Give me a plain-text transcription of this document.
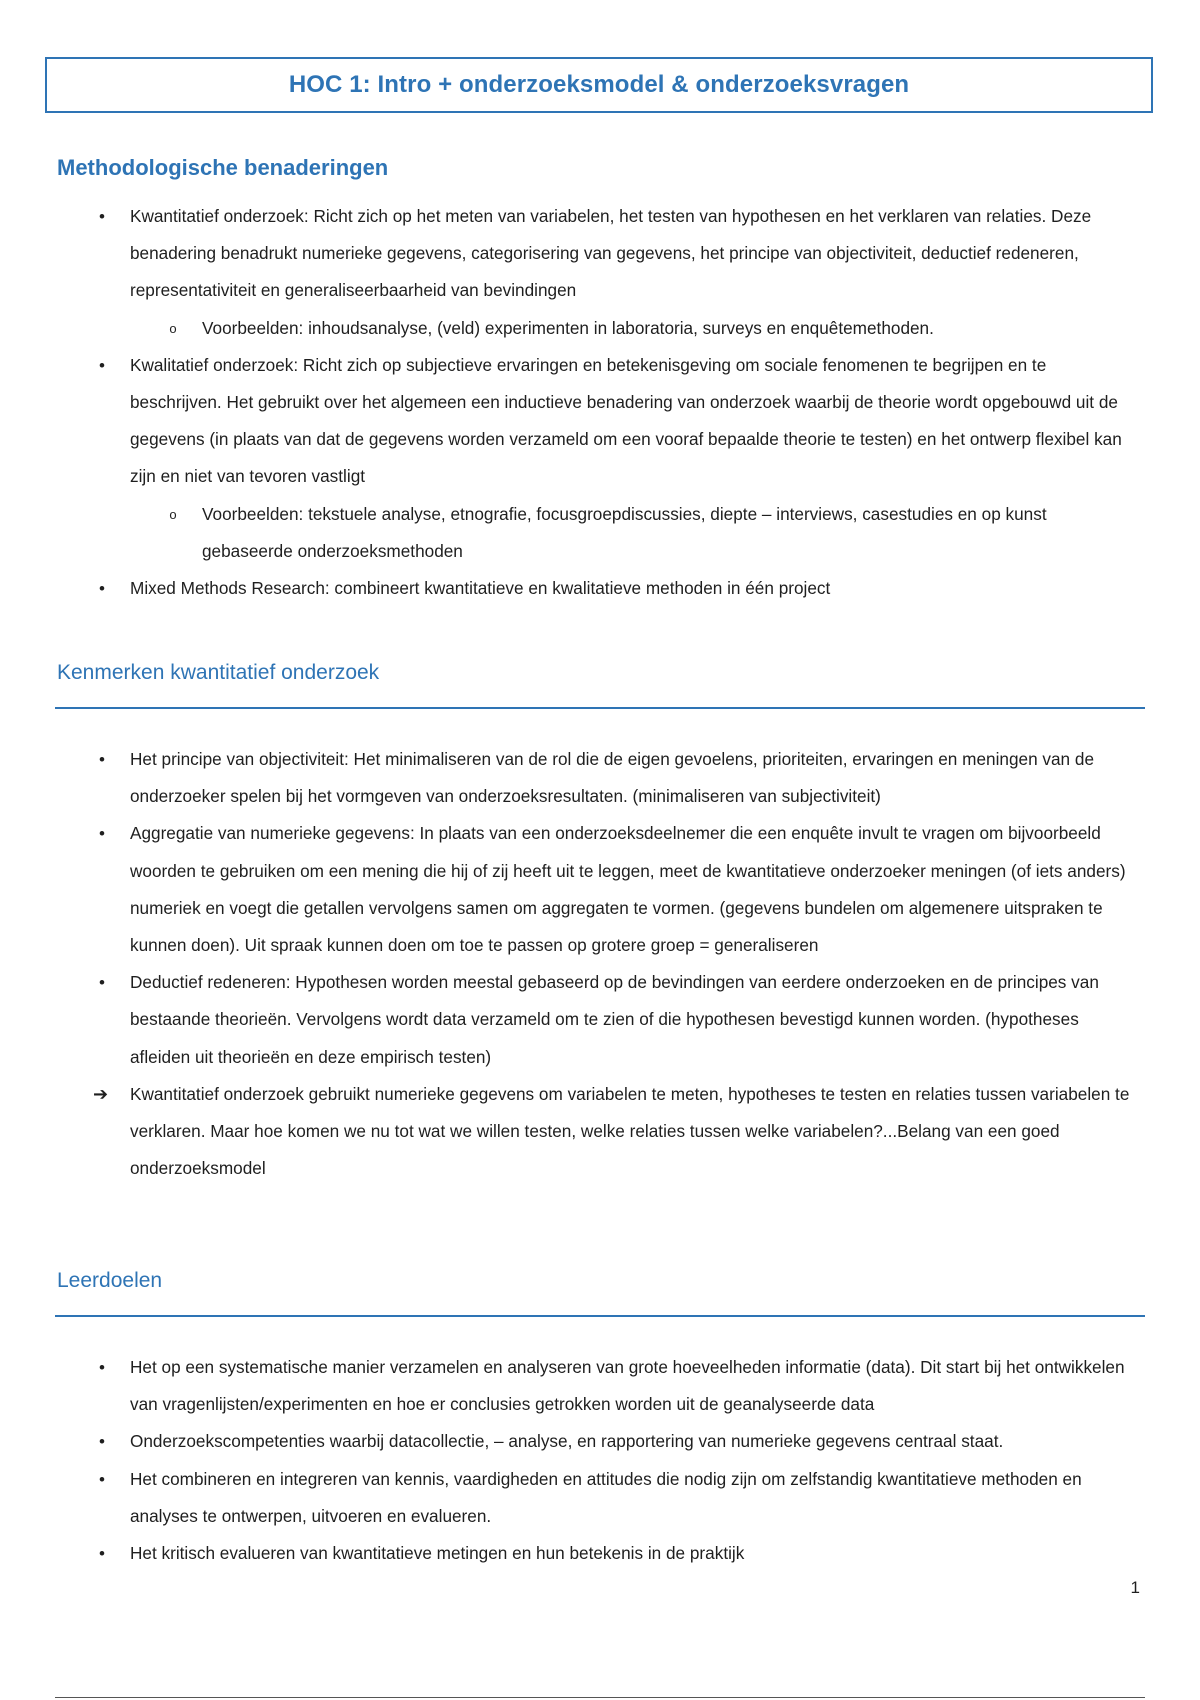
HOC 1: Intro + onderzoeksmodel & onderzoeksvragen
Methodologische benaderingen
• Kwantitatief onderzoek: Richt zich op het meten van variabelen, het testen van hypothesen en het verklaren van relaties. Deze benadering benadrukt numerieke gegevens, categorisering van gegevens, het principe van objectiviteit, deductief redeneren, representativiteit en generaliseerbaarheid van bevindingen
o Voorbeelden: inhoudsanalyse, (veld) experimenten in laboratoria, surveys en enquêtemethoden.
• Kwalitatief onderzoek: Richt zich op subjectieve ervaringen en betekenisgeving om sociale fenomenen te begrijpen en te beschrijven. Het gebruikt over het algemeen een inductieve benadering van onderzoek waarbij de theorie wordt opgebouwd uit de gegevens (in plaats van dat de gegevens worden verzameld om een vooraf bepaalde theorie te testen) en het ontwerp flexibel kan zijn en niet van tevoren vastligt
o Voorbeelden: tekstuele analyse, etnografie, focusgroepdiscussies, diepte – interviews, casestudies en op kunst gebaseerde onderzoeksmethoden
• Mixed Methods Research: combineert kwantitatieve en kwalitatieve methoden in één project
Kenmerken kwantitatief onderzoek
• Het principe van objectiviteit: Het minimaliseren van de rol die de eigen gevoelens, prioriteiten, ervaringen en meningen van de onderzoeker spelen bij het vormgeven van onderzoeksresultaten. (minimaliseren van subjectiviteit)
• Aggregatie van numerieke gegevens: In plaats van een onderzoeksdeelnemer die een enquête invult te vragen om bijvoorbeeld woorden te gebruiken om een mening die hij of zij heeft uit te leggen, meet de kwantitatieve onderzoeker meningen (of iets anders) numeriek en voegt die getallen vervolgens samen om aggregaten te vormen. (gegevens bundelen om algemenere uitspraken te kunnen doen). Uit spraak kunnen doen om toe te passen op grotere groep = generaliseren
• Deductief redeneren: Hypothesen worden meestal gebaseerd op de bevindingen van eerdere onderzoeken en de principes van bestaande theorieën. Vervolgens wordt data verzameld om te zien of die hypothesen bevestigd kunnen worden. (hypotheses afleiden uit theorieën en deze empirisch testen)
➔ Kwantitatief onderzoek gebruikt numerieke gegevens om variabelen te meten, hypotheses te testen en relaties tussen variabelen te verklaren. Maar hoe komen we nu tot wat we willen testen, welke relaties tussen welke variabelen?...Belang van een goed onderzoeksmodel
Leerdoelen
• Het op een systematische manier verzamelen en analyseren van grote hoeveelheden informatie (data). Dit start bij het ontwikkelen van vragenlijsten/experimenten en hoe er conclusies getrokken worden uit de geanalyseerde data
• Onderzoekscompetenties waarbij datacollectie, – analyse, en rapportering van numerieke gegevens centraal staat.
• Het combineren en integreren van kennis, vaardigheden en attitudes die nodig zijn om zelfstandig kwantitatieve methoden en analyses te ontwerpen, uitvoeren en evalueren.
• Het kritisch evalueren van kwantitatieve metingen en hun betekenis in de praktijk
1
